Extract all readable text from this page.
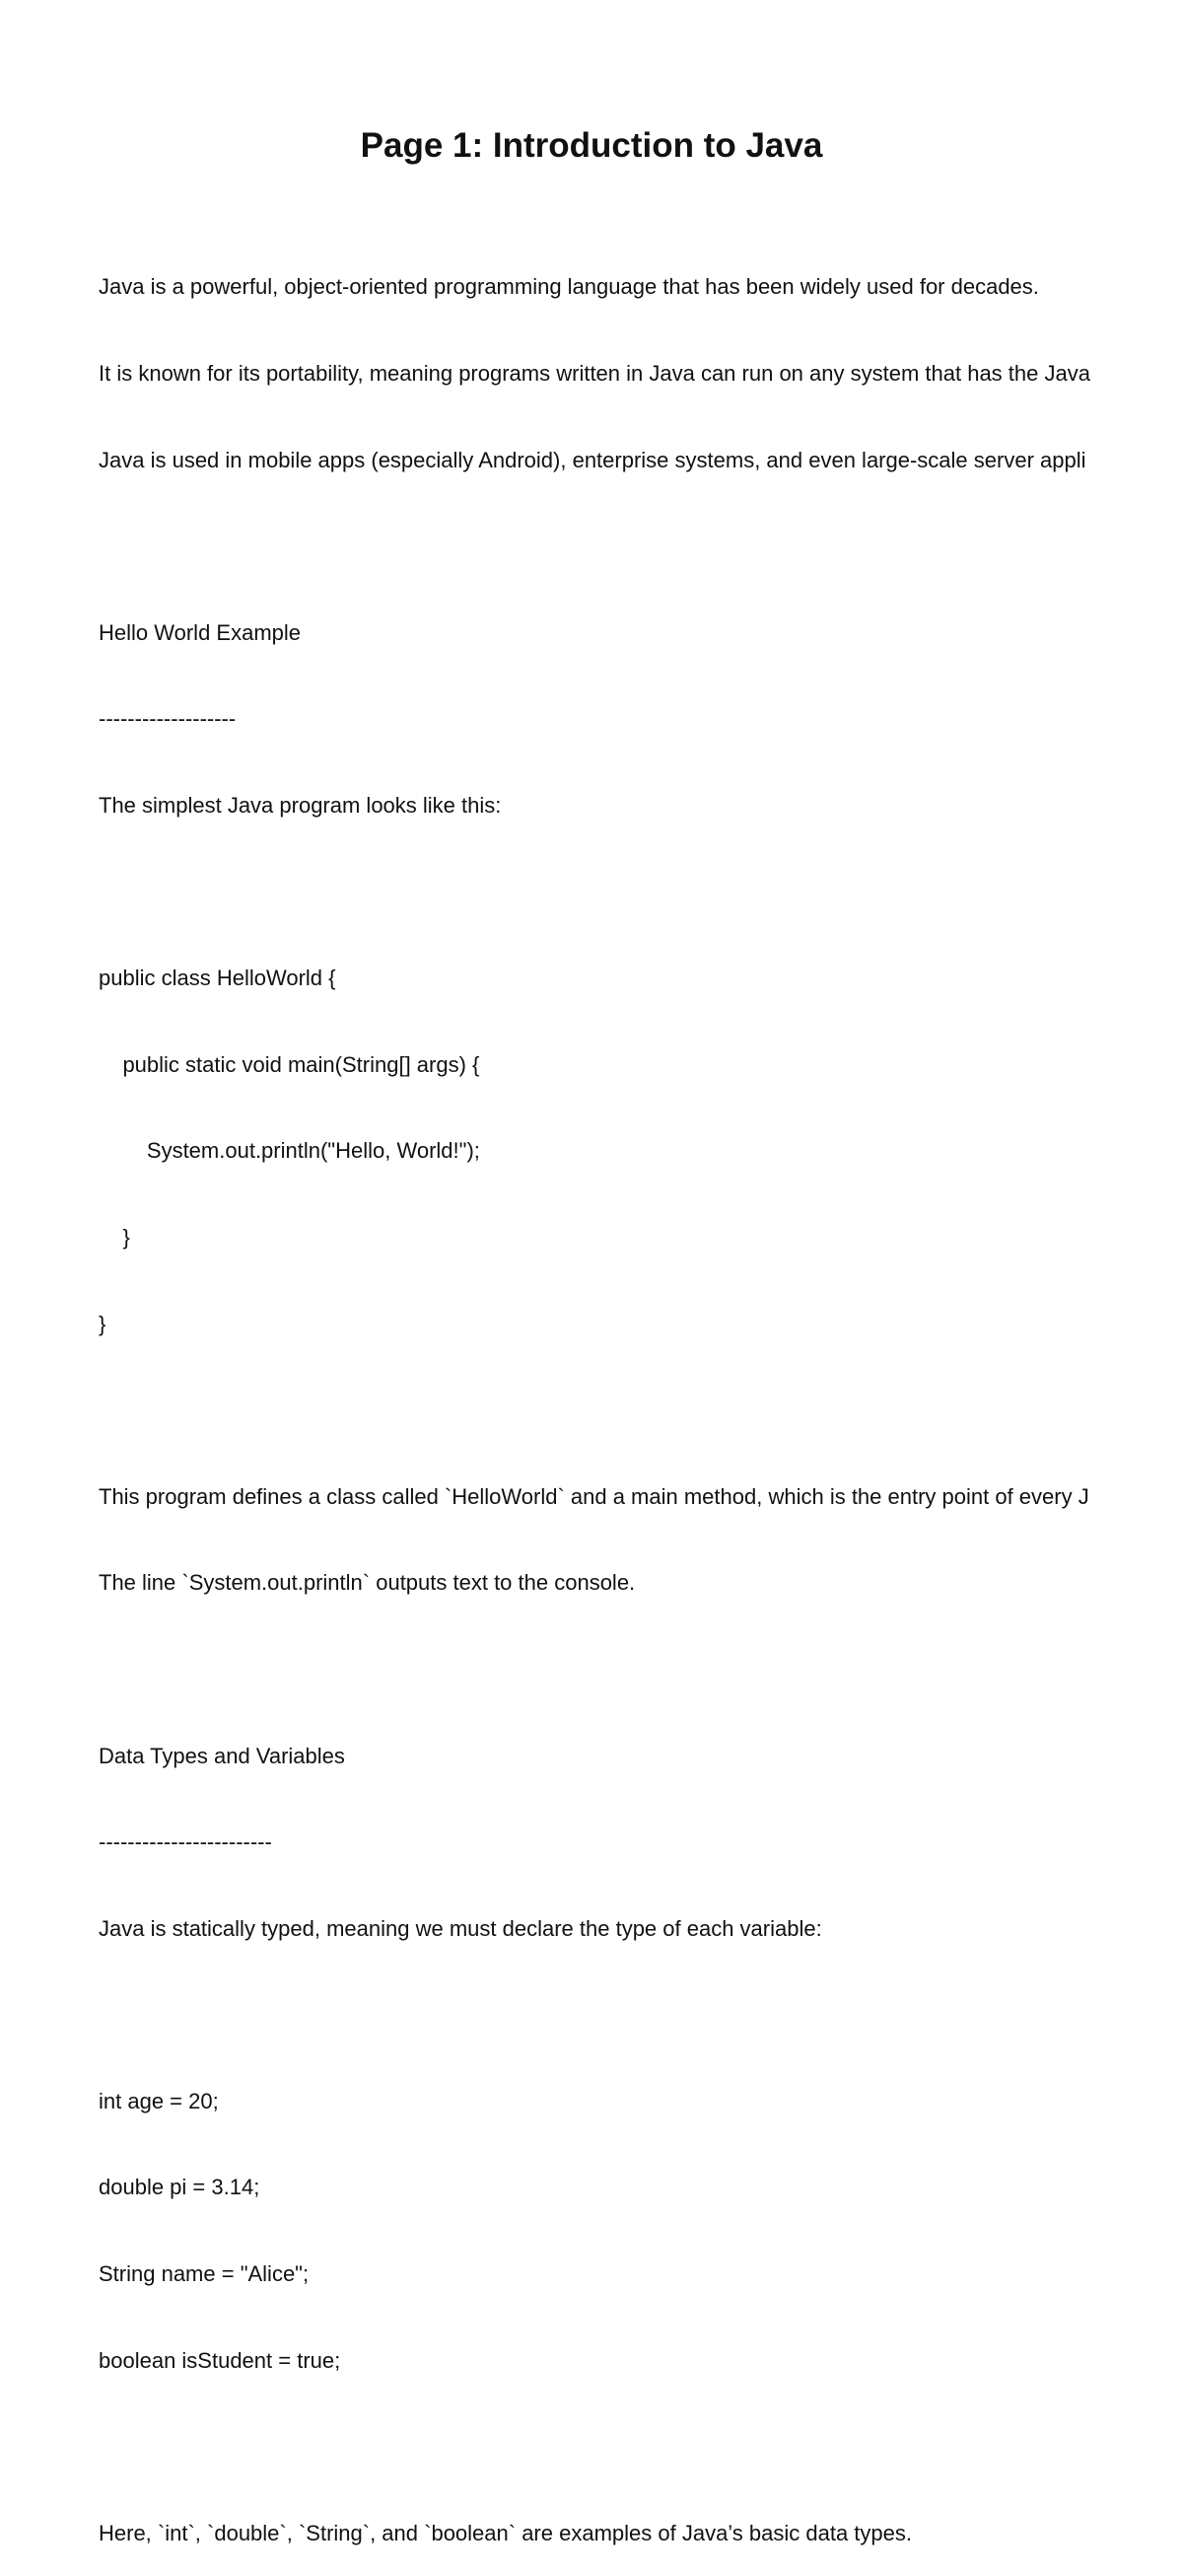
Page 1: Introduction to Java

Java is a powerful, object-oriented programming language that has been widely used for decades.

It is known for its portability, meaning programs written in Java can run on any system that has the Java

Java is used in mobile apps (especially Android), enterprise systems, and even large-scale server appli

Hello World Example

-------------------

The simplest Java program looks like this:

public class HelloWorld {

public static void main(String[] args) {

System.out.println("Hello, World!");

}

}

This program defines a class called `HelloWorld` and a main method, which is the entry point of every J

The line `System.out.println` outputs text to the console.

Data Types and Variables

------------------------

Java is statically typed, meaning we must declare the type of each variable:

int age = 20;

double pi = 3.14;

String name = "Alice";

boolean isStudent = true;

Here, `int`, `double`, `String`, and `boolean` are examples of Java’s basic data types.
